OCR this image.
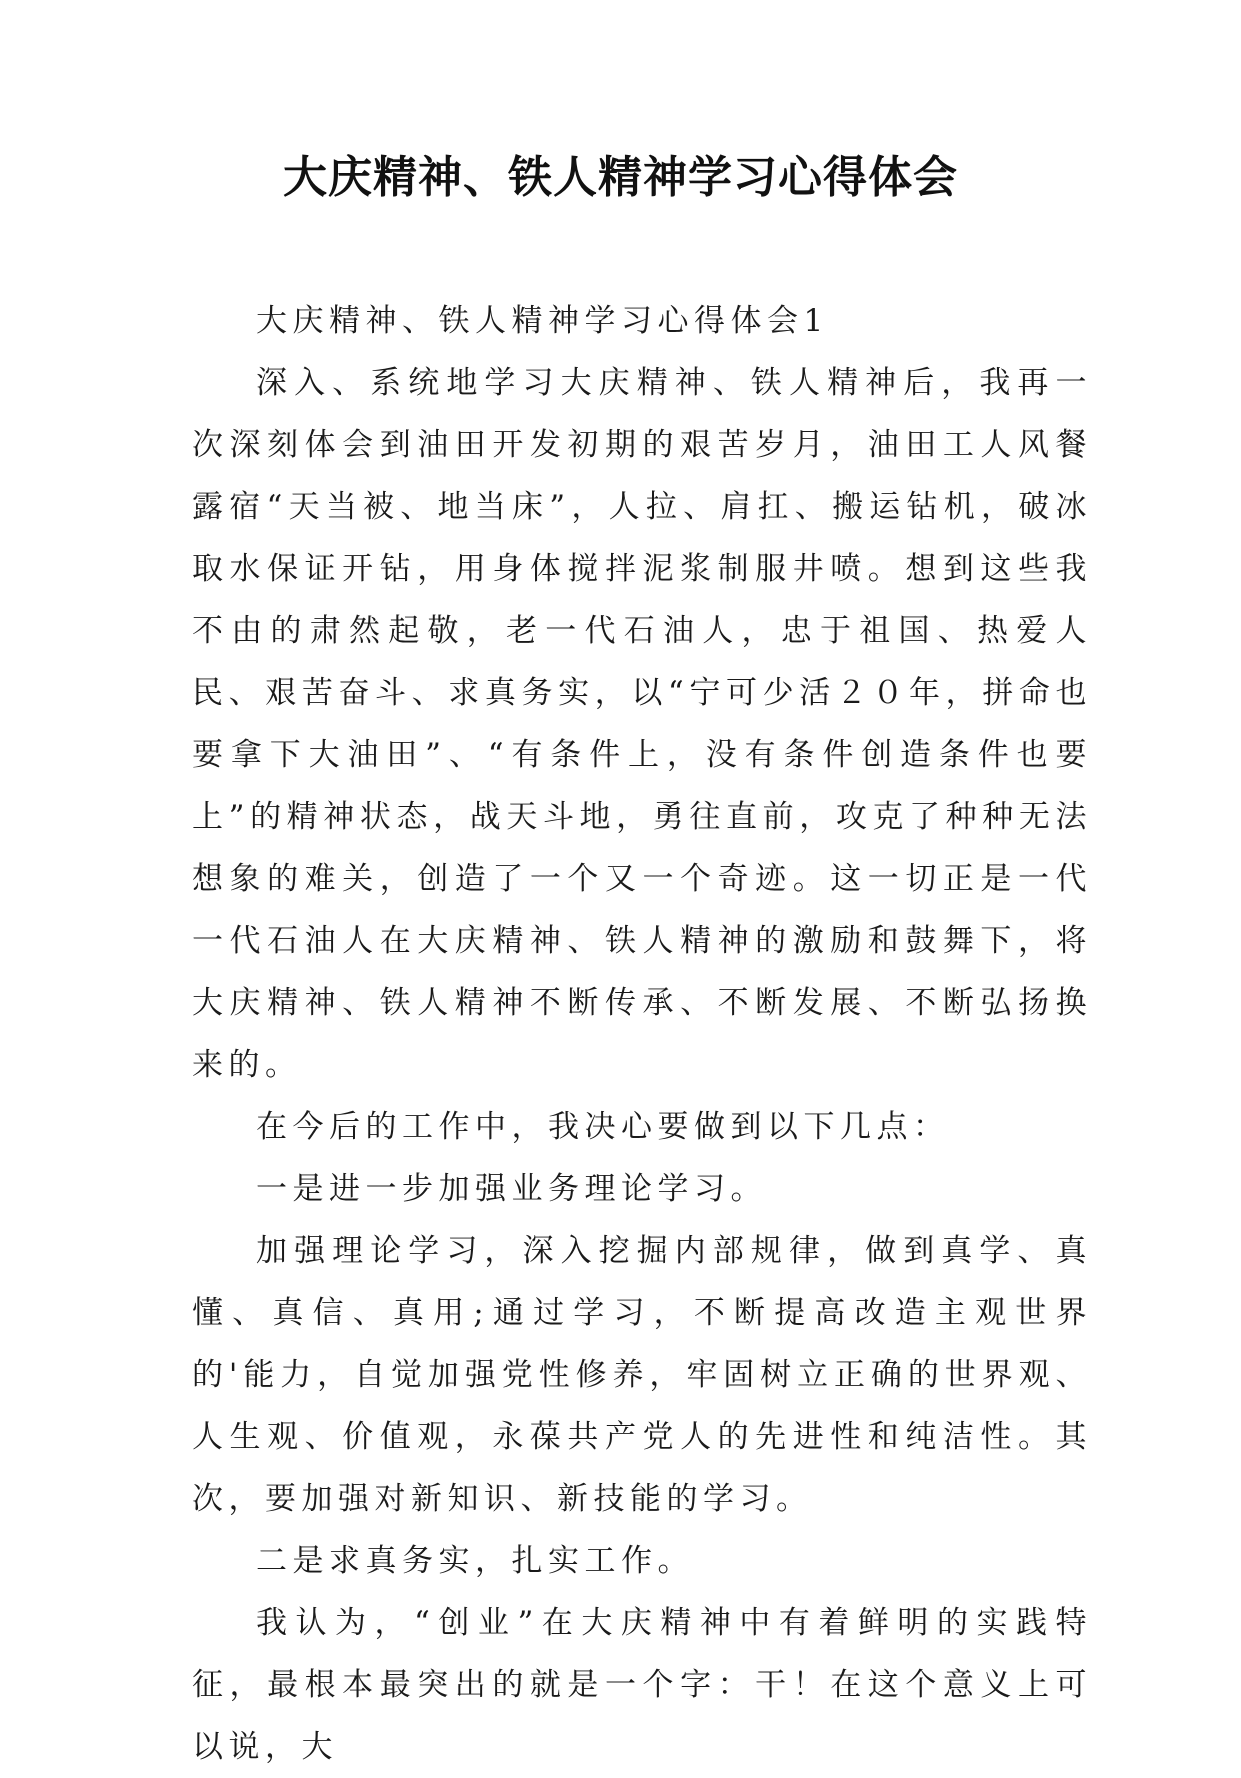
大庆精神、铁人精神学习心得体会

大庆精神、铁人精神学习心得体会1

深入、系统地学习大庆精神、铁人精神后，我再一次深刻体会到油田开发初期的艰苦岁月，油田工人风餐露宿“天当被、地当床”，人拉、肩扛、搬运钻机，破冰取水保证开钻，用身体搅拌泥浆制服井喷。想到这些我不由的肃然起敬，老一代石油人，忠于祖国、热爱人民、艰苦奋斗、求真务实，以“宁可少活２０年，拼命也要拿下大油田”、“有条件上，没有条件创造条件也要上”的精神状态，战天斗地，勇往直前，攻克了种种无法想象的难关，创造了一个又一个奇迹。这一切正是一代一代石油人在大庆精神、铁人精神的激励和鼓舞下，将大庆精神、铁人精神不断传承、不断发展、不断弘扬换来的。

在今后的工作中，我决心要做到以下几点：

一是进一步加强业务理论学习。

加强理论学习，深入挖掘内部规律，做到真学、真懂、真信、真用;通过学习，不断提高改造主观世界的'能力，自觉加强党性修养，牢固树立正确的世界观、人生观、价值观，永葆共产党人的先进性和纯洁性。其次，要加强对新知识、新技能的学习。

二是求真务实，扎实工作。

我认为，“创业”在大庆精神中有着鲜明的实践特征，最根本最突出的就是一个字：干！在这个意义上可以说，大
